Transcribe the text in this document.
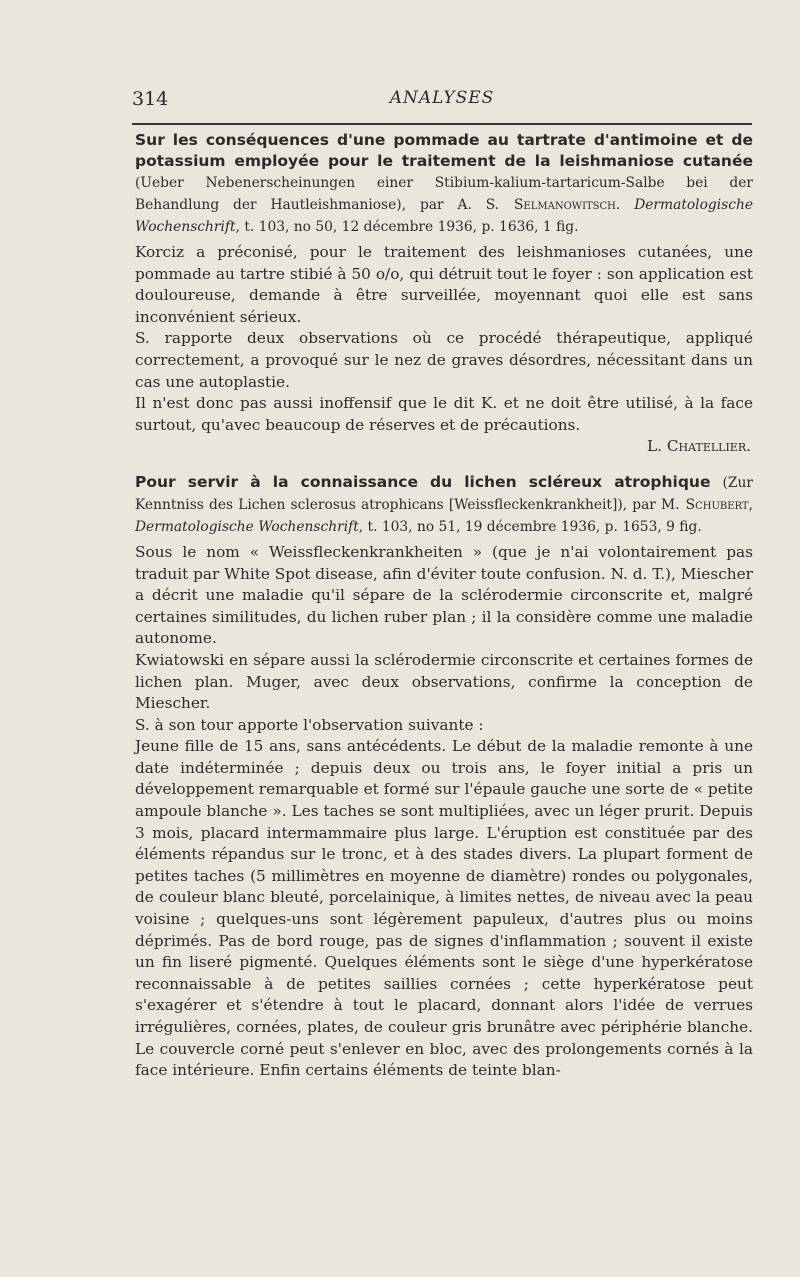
314	ANALYSES
Sur les conséquences d'une pommade au tartrate d'antimoine et de potassium employée pour le traitement de la leishmaniose cutanée (Ueber Nebenerscheinungen einer Stibium-kalium-tartaricum-Salbe bei der Behandlung der Hautleishmaniose), par A. S. Selmanowitsch. Dermatologische Wochenschrift, t. 103, no 50, 12 décembre 1936, p. 1636, 1 fig.

Korciz a préconisé, pour le traitement des leishmanioses cutanées, une pommade au tartre stibié à 50 o/o, qui détruit tout le foyer : son application est douloureuse, demande à être surveillée, moyennant quoi elle est sans inconvénient sérieux.

S. rapporte deux observations où ce procédé thérapeutique, appliqué correctement, a provoqué sur le nez de graves désordres, nécessitant dans un cas une autoplastie.

Il n'est donc pas aussi inoffensif que le dit K. et ne doit être utilisé, à la face surtout, qu'avec beaucoup de réserves et de précautions.

L. Chatellier.

Pour servir à la connaissance du lichen scléreux atrophique (Zur Kenntniss des Lichen sclerosus atrophicans [Weissfleckenkrankheit]), par M. Schubert, Dermatologische Wochenschrift, t. 103, no 51, 19 décembre 1936, p. 1653, 9 fig.

Sous le nom « Weissfleckenkrankheiten » (que je n'ai volontairement pas traduit par White Spot disease, afin d'éviter toute confusion. N. d. T.), Miescher a décrit une maladie qu'il sépare de la sclérodermie circonscrite et, malgré certaines similitudes, du lichen ruber plan ; il la considère comme une maladie autonome.

Kwiatowski en sépare aussi la sclérodermie circonscrite et certaines formes de lichen plan. Muger, avec deux observations, confirme la conception de Miescher.

S. à son tour apporte l'observation suivante :

Jeune fille de 15 ans, sans antécédents. Le début de la maladie remonte à une date indéterminée ; depuis deux ou trois ans, le foyer initial a pris un développement remarquable et formé sur l'épaule gauche une sorte de « petite ampoule blanche ». Les taches se sont multipliées, avec un léger prurit. Depuis 3 mois, placard intermammaire plus large. L'éruption est constituée par des éléments répandus sur le tronc, et à des stades divers. La plupart forment de petites taches (5 millimètres en moyenne de diamètre) rondes ou polygonales, de couleur blanc bleuté, porcelainique, à limites nettes, de niveau avec la peau voisine ; quelques-uns sont légèrement papuleux, d'autres plus ou moins déprimés. Pas de bord rouge, pas de signes d'inflammation ; souvent il existe un fin liseré pigmenté. Quelques éléments sont le siège d'une hyperkératose reconnaissable à de petites saillies cornées ; cette hyperkératose peut s'exagérer et s'étendre à tout le placard, donnant alors l'idée de verrues irrégulières, cornées, plates, de couleur gris brunâtre avec périphérie blanche. Le couvercle corné peut s'enlever en bloc, avec des prolongements cornés à la face intérieure. Enfin certains éléments de teinte blan-
